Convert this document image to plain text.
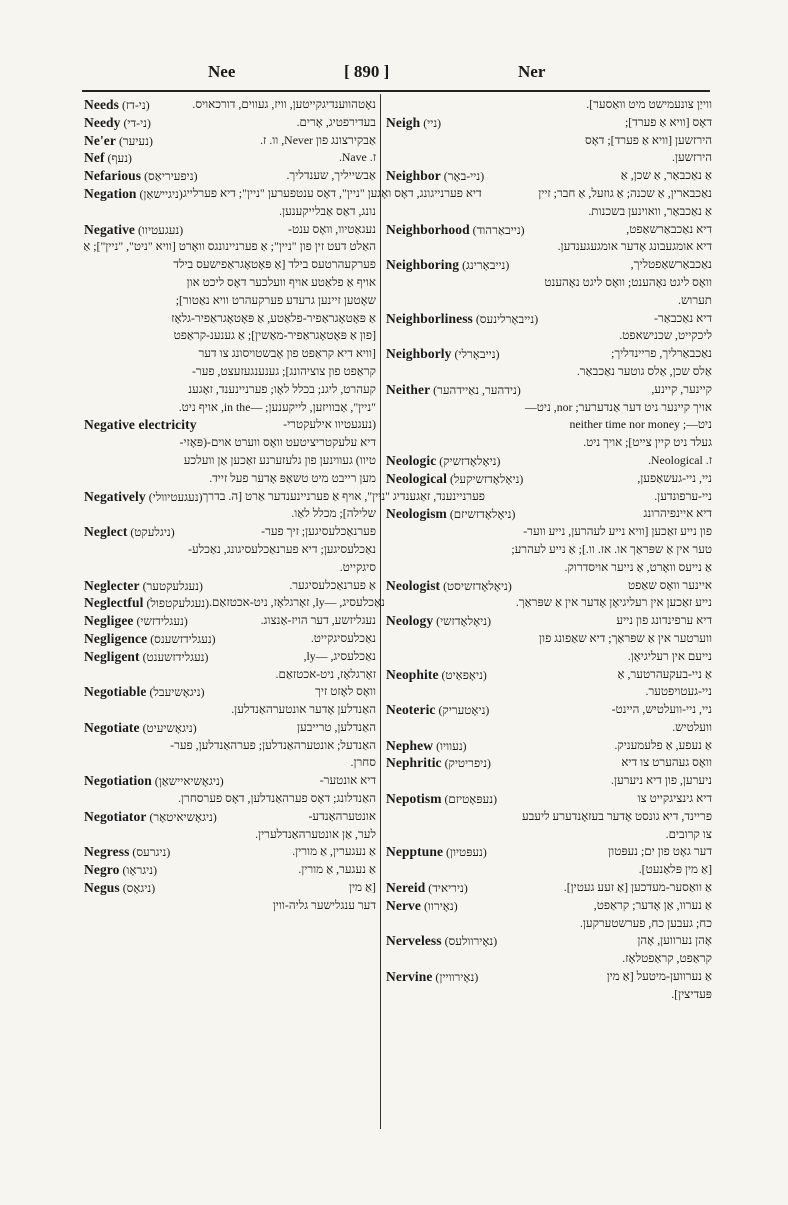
Nee	[ 890 ]	Ner
Needs (ני-דז)	נאָטהווענדיגקייטען, וויז, געווים, דורכאויס.
Needy (ני-די)	בעדירפטיג, אָרים.
Ne'er (נעיער)	אַבקירצונג פון Never, וו. ז.
Nef (נעף)	ז. Nave.
Nefarious (ניפעיריאַס)	אַבשייליך, שענדליך.
Negation (ניגיישאַן) דיא פערנייגונג, דאָס ואָגען "ניין", דאָס ענטפערען "ניין"; דיא פערלייג
נונג, דאַס אַבלייקענען.
Negative (נעגעטיוו)	נעגאַטיוו, וואָס ענט-
האַלט דעט זין פון "ניין"; אַ פערניינונגס וואָרט [וויא "ניט", "ניין"]; אַ
פערקעהרטעס בילד [אַ פּאָטאָגראַפישעס בילד
אויף אַ פלאַטע אויף וועלכער דאָס ליכט און
שאָטען זיינען גרעדע פערקעהרט וויא נאַטור];
אַ פּאָטאָגראַפיר-פלאַטע, אַ פּאָטאָגראַפיר-גלאָז
[פון אַ פּאָטאָגראַפיר-מאַשין]; אַ גענענ-קראַפט
[וויא דיא קראַפט פון אָבשטויסונג צו דער
קראַפט פון צוציהונג]; גענענגעזעצט, פער-
קעהרט, ליגנ; בכלל לאָו; פערניינענד, זאָגענ
"ניין", אַבוויזען, לייקענען; —in the, אויף ניט.
Negative electricity	(נעגעטיוו אילעקטרי-
דיא עלעקטריציטעט וואָס ווערט אוים-(פּאָזי-
טיוו) געווינען פון גלעזערנע זאַכען אַן וועלכע
מען רייבט מיט טשאַפּ אָדער פעל זייד.
Negatively (נעגעטיוולי) פערניינענד, זאַגענדיג "ניין", אויף אַ פערניינענדער אַרט [ה. בדרך
שלילה]; מכלל לאַו.
Neglect (ניגלעקט)	פערנאַכלעסיגען; זיך פער-
נאַכלעסיגען; דיא פערנאַכלעסיגונג, נאַכלע-
סיגקייט.
Neglecter (נעגלעקטער)	אַ פערנאַכלעסיגער.
Neglectful (נעגלעקטפול) נאַכלעסיג, —ly, זאָרגלאָז, ניט-אכטזאַם.
Negligee (נעגלידזשי)	נעגליזשע, דער הויז-אַנצוג.
Negligence (נעגלידזשענס)	נאַכלעסיגקייט.
Negligent (נעגלידזשענט)	נאַכלעסיג, —ly,
זאָרגלאָז, ניט-אכטזאַם.
Negotiable (ניגאָשיעבל)	וואָס לאָזט זיך
האַנדלען אָדער אונטערהאַנדלען.
Negotiate (ניגאָשיעיט)	האַנדלען, טרייבען
האַנדעל; אונטערהאַנדלען; פערהאַנדלען, פער-
סחרן.
Negotiation (ניגאָשיאיישאַן)	דיא אונטער-
האַנדלונג; דאָס פערהאַנדלען, דאָס פערסחרן.
Negotiator (ניגאָשיאיטאָר)	אונטערהאַנדע-
לער, אַן אונטערהאַנדלערין.
Negress (ניגרעס)	אַ נעגערין, אַ מורין.
Negro (ניגראָו)	אַ נעגער, אַ מורין.
Negus (ניגאָס)	[אַ מין
דער ענגלישער גליה-ווין
ווייַן צונעמישט מיט וואַסער].
Neigh (ניי)	דאָס [וויא אַ פערד];
הירזשען [וויא אַ פערד]; דאָס
הירזשען.
Neighbor (ניי-באָר)	אַ נאַכבאַר, אַ שכן, אַ
נאַכבארין, אַ שכנה; אַ גוזעל, אַ חבר; זיין
אַ נאַכבאַר, וואוינען בשכנות.
Neighborhood (נייבאַרהוד)	דיא נאַכבאַרשאַפט,
דיא אומגעבונג אָדער אומגעגענדען.
Neighboring (נייבאָרינג)	נאַכבאַרשאַפטליך,
וואָס ליגט נאָהענט; וואָס ליגט נאָהענט
תערוש.
Neighborliness (נייבאָרלינעס)	דיא נאַכבאַר-
ליכקייט, שכנישאפט.
Neighborly (נייבאָרלי)	נאַכבאַרליך, פריינדליך;
אַלס שכן, אַלס גוטער נאַכבאַר.
Neither (נידהער, נאַיידהער)	קיינער, קיינע,
אויך קיינער ניט דער אַנדערער; nor, ניט—
ניט—; neither time nor money
געלד ניט קיין צייט]; אויך ניט.
Neologic (ניאָלאָדזשיק)	ז. Neological.
Neological (ניאָלאָדזשיקעל)	ניי, ניי-געשאַפען,
ניי-ערפונדען.
Neologism (ניאָלאָדזשיזם)	דיא איינפיהרונג
פון נייע זאַכען [וויא נייע לעהרען, נייע ווער-
טער אין אַ שפּראַך או. אז. וו.]; אַ נייע לעהרע;
אַ נייעס וואָרט, אַ נייער אויסדרוק.
Neologist (ניאָלאָדזשיסט)	איינער וואָס שאַפט
נייע זאַכען אין רעליגיאָן אָדער אין אַ שפּראַך.
Neology (ניאָלאָדזשי)	דיא ערפינדונג פון נייע
ווערטער אין אַ שפּראַך; דיא שאַפונג פון
נייעם אין רעליגיאָן.
Neophite (ניאָפאַיט)	אַ ניי-בעקעהרטער, אַ
ניי-געטויפטער.
Neoteric (ניאָטעריק)	ניי, ניי-וועלטיש, היינט-
וועלטיש.
Nephew (נעוויו)	אַ נעפע, אַ פלעמעניק.
Nephritic (ניפריטיק)	וואָס געהערט צו דיא
ניערען, פון דיא ניערען.
Nepotism (נעפּאָטיזם)	דיא גינציגקייט צו
פריינד, דיא גונסט אָדער בעזאָנדערע ליעבע
צו קרובים.
Nepptune (נעפּטיון)	דער גאָט פון ים; נעפּטון
[אַ מין פּלאַנעט].
Nereid (ניריאיד)	אַ וואַסער-מעדכען [אַ זעע געטין].
Nerve (נאָירוו)	אַ נערוו, אַן אָדער; קראַפט,
כח; געבען כח, פערשטערקען.
Nerveless (נאָירוולעס)	אָהן נערווען, אָהן
קראַפט, קראַפטלאָז.
Nervine (נאָירוויין)	אַ נערווען-מיטעל [אַ מין
פּעדיצין].
